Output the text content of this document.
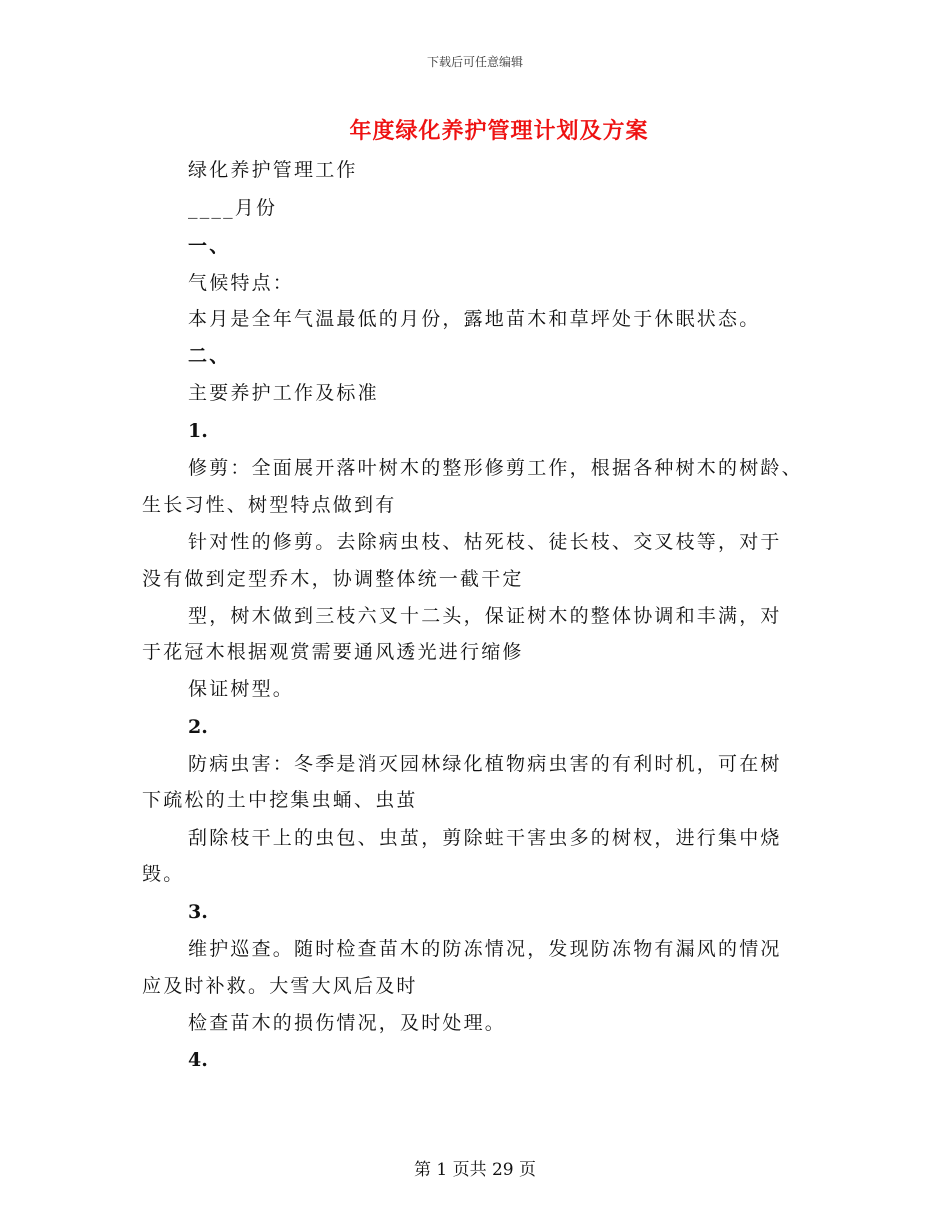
下载后可任意编辑
年度绿化养护管理计划及方案
绿化养护管理工作
____月份
一、
气候特点：
本月是全年气温最低的月份，露地苗木和草坪处于休眠状态。
二、
主要养护工作及标准
1.
修剪：全面展开落叶树木的整形修剪工作，根据各种树木的树龄、
生长习性、树型特点做到有
针对性的修剪。去除病虫枝、枯死枝、徒长枝、交叉枝等，对于
没有做到定型乔木，协调整体统一截干定
型，树木做到三枝六叉十二头，保证树木的整体协调和丰满，对
于花冠木根据观赏需要通风透光进行缩修
保证树型。
2.
防病虫害：冬季是消灭园林绿化植物病虫害的有利时机，可在树
下疏松的土中挖集虫蛹、虫茧
刮除枝干上的虫包、虫茧，剪除蛀干害虫多的树杈，进行集中烧
毁。
3.
维护巡查。随时检查苗木的防冻情况，发现防冻物有漏风的情况
应及时补救。大雪大风后及时
检查苗木的损伤情况，及时处理。
4.
第 1 页共 29 页
